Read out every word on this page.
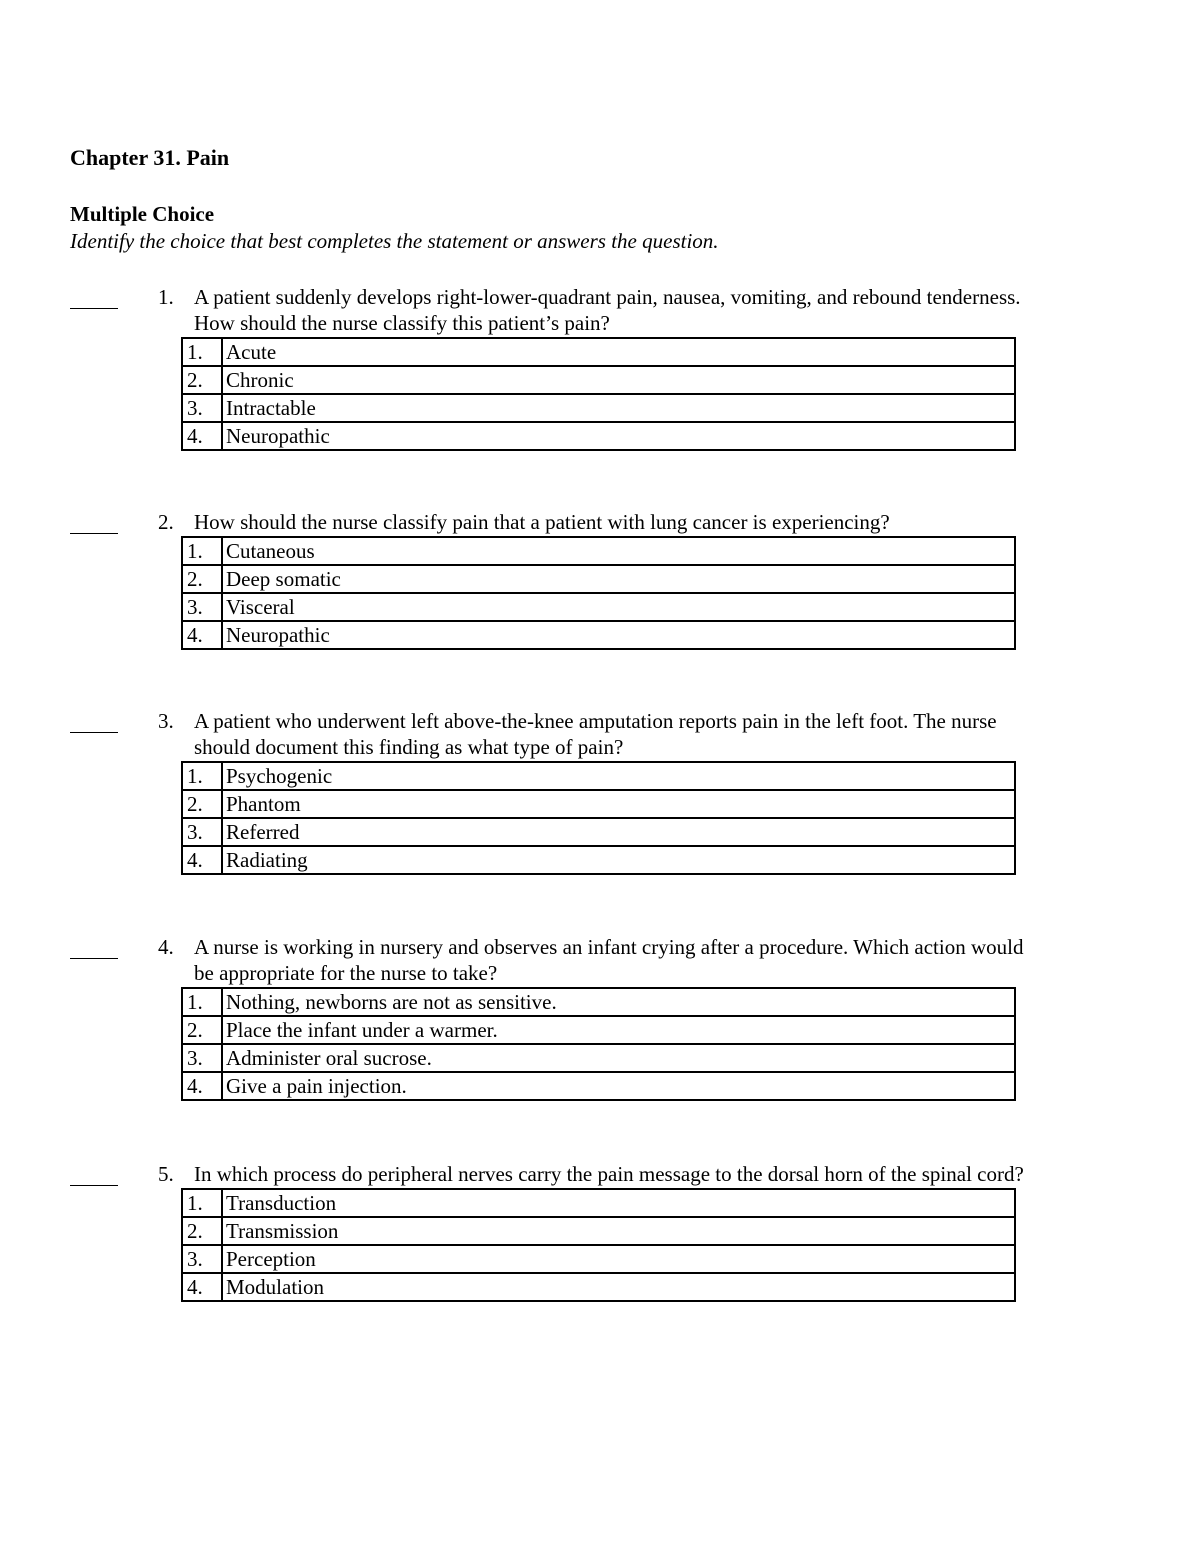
Chapter 31. Pain
Multiple Choice
Identify the choice that best completes the statement or answers the question.
1. A patient suddenly develops right-lower-quadrant pain, nausea, vomiting, and rebound tenderness.
How should the nurse classify this patient’s pain?
1.	Acute
2.	Chronic
3.	Intractable
4.	Neuropathic
2. How should the nurse classify pain that a patient with lung cancer is experiencing?
1.	Cutaneous
2.	Deep somatic
3.	Visceral
4.	Neuropathic
3. A patient who underwent left above-the-knee amputation reports pain in the left foot. The nurse
should document this finding as what type of pain?
1.	Psychogenic
2.	Phantom
3.	Referred
4.	Radiating
4. A nurse is working in nursery and observes an infant crying after a procedure. Which action would
be appropriate for the nurse to take?
1.	Nothing, newborns are not as sensitive.
2.	Place the infant under a warmer.
3.	Administer oral sucrose.
4.	Give a pain injection.
5. In which process do peripheral nerves carry the pain message to the dorsal horn of the spinal cord?
1.	Transduction
2.	Transmission
3.	Perception
4.	Modulation
